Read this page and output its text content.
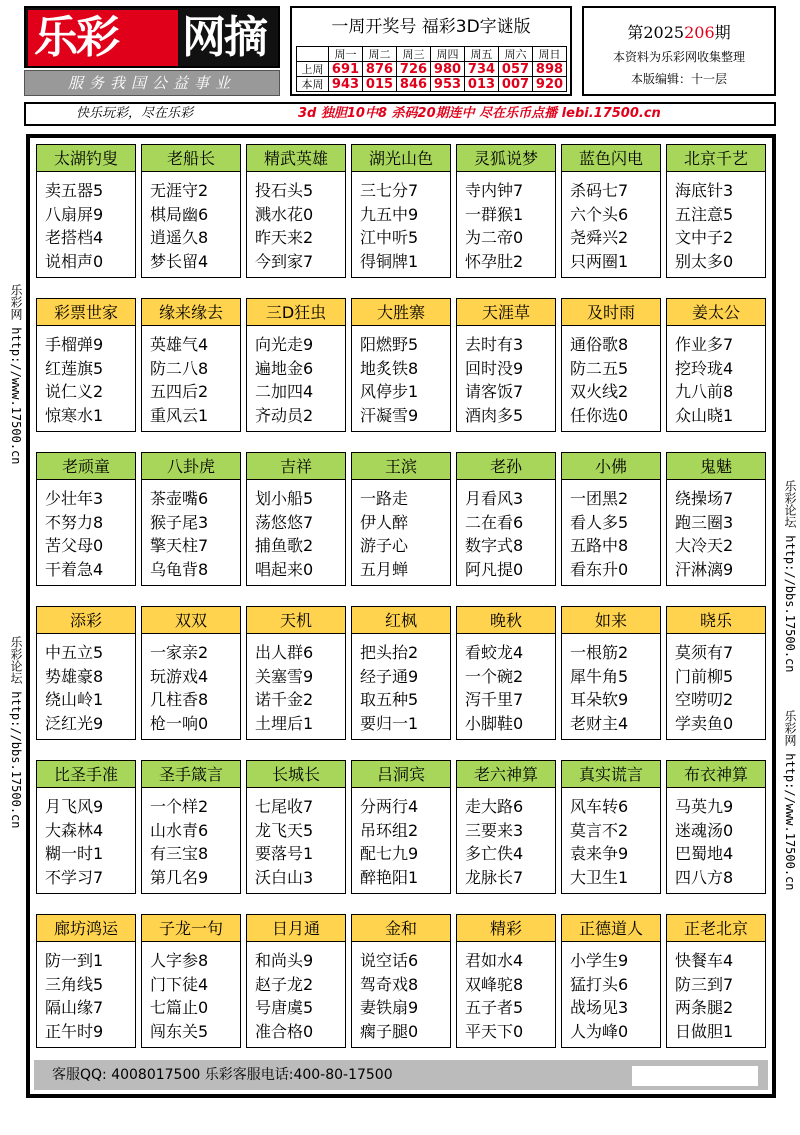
乐彩 网摘
服务我国公益事业
一周开奖号 福彩3D字谜版
	周一	周二	周三	周四	周五	周六	周日
上周	691	876	726	980	734	057	898
本周	943	015	846	953	013	007	920
第2025206期
本资料为乐彩网收集整理
本版编辑：十一层
快乐玩彩，尽在乐彩	3d 独胆10中8 杀码20期连中 尽在乐币点播 lebi.17500.cn
乐彩网 http://www.17500.cn
乐彩论坛 http://bbs.17500.cn
乐彩论坛 http://bbs.17500.cn
乐彩网 http://www.17500.cn
太湖钓叟
卖五器5
八扇屏9
老搭档4
说相声0
老船长
无涯守2
棋局幽6
逍遥久8
梦长留4
精武英雄
投石头5
溅水花0
昨天来2
今到家7
湖光山色
三七分7
九五中9
江中听5
得铜牌1
灵狐说梦
寺内钟7
一群猴1
为二帝0
怀孕肚2
蓝色闪电
杀码七7
六个头6
尧舜兴2
只两圈1
北京千艺
海底针3
五注意5
文中子2
别太多0
彩票世家
手榴弹9
红莲旗5
说仁义2
惊寒水1
缘来缘去
英雄气4
防二八8
五四后2
重风云1
三D狂虫
向光走9
遍地金6
二加四4
齐动员2
大胜寨
阳燃野5
地炙铁8
风停步1
汗凝雪9
天涯草
去时有3
回时没9
请客饭7
酒肉多5
及时雨
通俗歌8
防二五5
双火线2
任你选0
姜太公
作业多7
挖玲珑4
九八前8
众山晓1
老顽童
少壮年3
不努力8
苦父母0
干着急4
八卦虎
茶壶嘴6
猴子尾3
擎天柱7
乌龟背8
吉祥
划小船5
荡悠悠7
捕鱼歌2
唱起来0
王滨
一路走
伊人醉
游子心
五月蝉
老孙
月看风3
二在看6
数字式8
阿凡提0
小佛
一团黑2
看人多5
五路中8
看东升0
鬼魅
绕操场7
跑三圈3
大冷天2
汗淋漓9
添彩
中五立5
势雄豪8
绕山岭1
泛红光9
双双
一家亲2
玩游戏4
几柱香8
枪一响0
天机
出人群6
关塞雪9
诺千金2
土埋后1
红枫
把头抬2
经子通9
取五种5
要归一1
晚秋
看蛟龙4
一个碗2
泻千里7
小脚鞋0
如来
一根筋2
犀牛角5
耳朵软9
老财主4
晓乐
莫须有7
门前柳5
空唠叨2
学卖鱼0
比圣手准
月飞风9
大森林4
糊一时1
不学习7
圣手箴言
一个样2
山水青6
有三宝8
第几名9
长城长
七尾收7
龙飞天5
要落号1
沃白山3
吕洞宾
分两行4
吊环组2
配七九9
醉艳阳1
老六神算
走大路6
三要来3
多亡佚4
龙脉长7
真实谎言
风车转6
莫言不2
袁来争9
大卫生1
布衣神算
马英九9
迷魂汤0
巴蜀地4
四八方8
廊坊鸿运
防一到1
三角线5
隔山缘7
正午时9
子龙一句
人字参8
门下徒4
七篇止0
闯东关5
日月通
和尚头9
赵子龙2
号唐虞5
准合格0
金和
说空话6
驾奇戏8
妻铁扇9
瘸子腿0
精彩
君如水4
双峰驼8
五子者5
平天下0
正德道人
小学生9
猛打头6
战场见3
人为峰0
正老北京
快餐车4
防三到7
两条腿2
日做胆1
客服QQ: 4008017500 乐彩客服电话:400-80-17500
